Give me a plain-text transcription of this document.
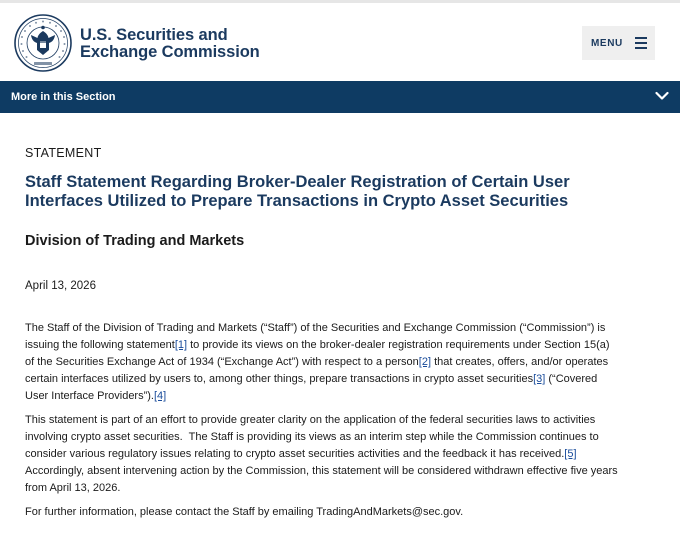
U.S. Securities and
Exchange Commission	MENU
More in this Section
STATEMENT
Staff Statement Regarding Broker-Dealer Registration of Certain User
Interfaces Utilized to Prepare Transactions in Crypto Asset Securities
Division of Trading and Markets
April 13, 2026

The Staff of the Division of Trading and Markets (“Staff”) of the Securities and Exchange Commission (“Commission”) is
issuing the following statement[1] to provide its views on the broker-dealer registration requirements under Section 15(a)
of the Securities Exchange Act of 1934 (“Exchange Act”) with respect to a person[2] that creates, offers, and/or operates
certain interfaces utilized by users to, among other things, prepare transactions in crypto asset securities[3] (“Covered
User Interface Providers”).[4]

This statement is part of an effort to provide greater clarity on the application of the federal securities laws to activities
involving crypto asset securities.  The Staff is providing its views as an interim step while the Commission continues to
consider various regulatory issues relating to crypto asset securities activities and the feedback it has received.[5]
Accordingly, absent intervening action by the Commission, this statement will be considered withdrawn effective five years
from April 13, 2026.

For further information, please contact the Staff by emailing TradingAndMarkets@sec.gov.
